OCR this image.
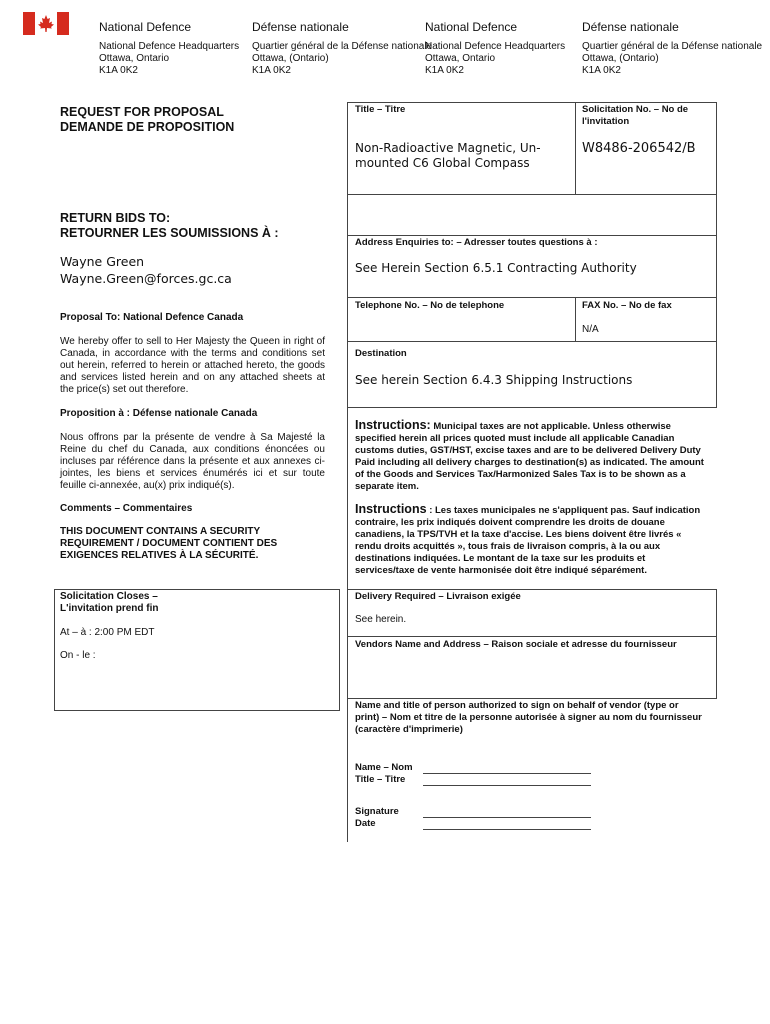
National Defence
National Defence Headquarters
Ottawa, Ontario
K1A 0K2
Défense nationale
Quartier général de la Défense nationale
Ottawa, (Ontario)
K1A 0K2
National Defence
National Defence Headquarters
Ottawa, Ontario
K1A 0K2
Défense nationale
Quartier général de la Défense nationale
Ottawa, (Ontario)
K1A 0K2
REQUEST FOR PROPOSAL
DEMANDE DE PROPOSITION
RETURN BIDS TO:
RETOURNER LES SOUMISSIONS À :
Wayne Green
Wayne.Green@forces.gc.ca
Proposal To: National Defence Canada
We hereby offer to sell to Her Majesty the Queen in right of Canada, in accordance with the terms and conditions set out herein, referred to herein or attached hereto, the goods and services listed herein and on any attached sheets at the price(s) set out therefore.
Proposition à : Défense nationale Canada
Nous offrons par la présente de vendre à Sa Majesté la Reine du chef du Canada, aux conditions énoncées ou incluses par référence dans la présente et aux annexes ci-jointes, les biens et services énumérés ici et sur toute feuille ci-annexée, au(x) prix indiqué(s).
Comments – Commentaires
THIS DOCUMENT CONTAINS A SECURITY REQUIREMENT / DOCUMENT CONTIENT DES EXIGENCES RELATIVES À LA SÉCURITÉ.
Solicitation Closes –
L'invitation prend fin
At – à : 2:00 PM EDT
On - le :
Title – Titre
Non-Radioactive Magnetic, Un-mounted C6 Global Compass
Solicitation No. – No de l'invitation
W8486-206542/B
Address Enquiries to: – Adresser toutes questions à :
See Herein Section 6.5.1 Contracting Authority
Telephone No. – No de telephone	FAX No. – No de fax
N/A
Destination
See herein Section 6.4.3 Shipping Instructions
Instructions: Municipal taxes are not applicable. Unless otherwise specified herein all prices quoted must include all applicable Canadian customs duties, GST/HST, excise taxes and are to be delivered Delivery Duty Paid including all delivery charges to destination(s) as indicated. The amount of the Goods and Services Tax/Harmonized Sales Tax is to be shown as a separate item.
Instructions : Les taxes municipales ne s'appliquent pas. Sauf indication contraire, les prix indiqués doivent comprendre les droits de douane canadiens, la TPS/TVH et la taxe d'accise. Les biens doivent être livrés « rendu droits acquittés », tous frais de livraison compris, à la ou aux destinations indiquées. Le montant de la taxe sur les produits et services/taxe de vente harmonisée doit être indiqué séparément.
Delivery Required – Livraison exigée
See herein.
Vendors Name and Address – Raison sociale et adresse du fournisseur
Name and title of person authorized to sign on behalf of vendor (type or print) – Nom et titre de la personne autorisée à signer au nom du fournisseur (caractère d'imprimerie)
Name – Nom
Title – Titre
Signature
Date
